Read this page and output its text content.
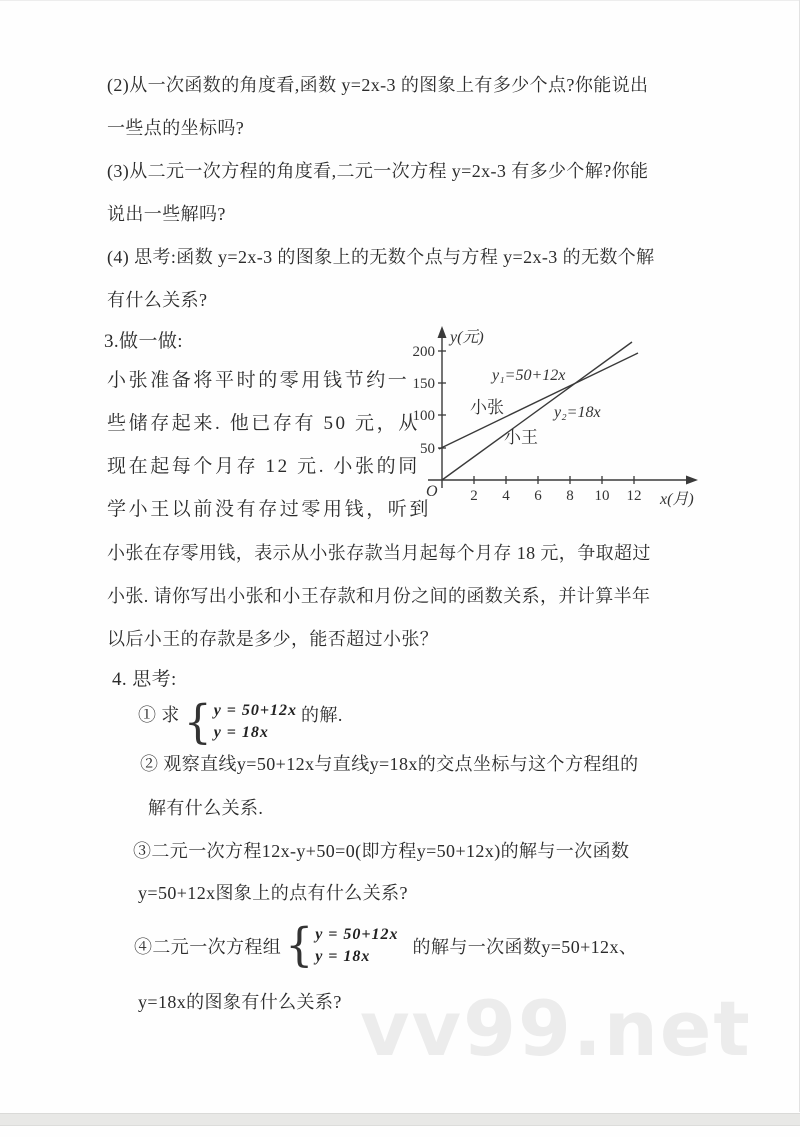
(2)从一次函数的角度看,函数 y=2x-3 的图象上有多少个点?你能说出
一些点的坐标吗?
(3)从二元一次方程的角度看,二元一次方程 y=2x-3 有多少个解?你能
说出一些解吗?
(4) 思考:函数 y=2x-3 的图象上的无数个点与方程 y=2x-3 的无数个解
有什么关系?
3.做一做:
小张准备将平时的零用钱节约一
些储存起来. 他已存有 50 元，从
现在起每个月存 12 元. 小张的同
学小王以前没有存过零用钱，听到
200
150
100
50
2 4 6 8 10 12
y(元)
x(月)
O
y₁=50+12x
小张	y₂=18x
小王
小张在存零用钱，表示从小张存款当月起每个月存 18 元，争取超过
小张. 请你写出小张和小王存款和月份之间的函数关系，并计算半年
以后小王的存款是多少，能否超过小张？
4. 思考:
① 求 { y = 50+12x
y = 18x
的解.
② 观察直线y=50+12x与直线y=18x的交点坐标与这个方程组的
解有什么关系.
③二元一次方程12x-y+50=0(即方程y=50+12x)的解与一次函数
y=50+12x图象上的点有什么关系?
④二元一次方程组 { y = 50+12x
y = 18x	的解与一次函数y=50+12x、
y=18x的图象有什么关系? vv99.net
